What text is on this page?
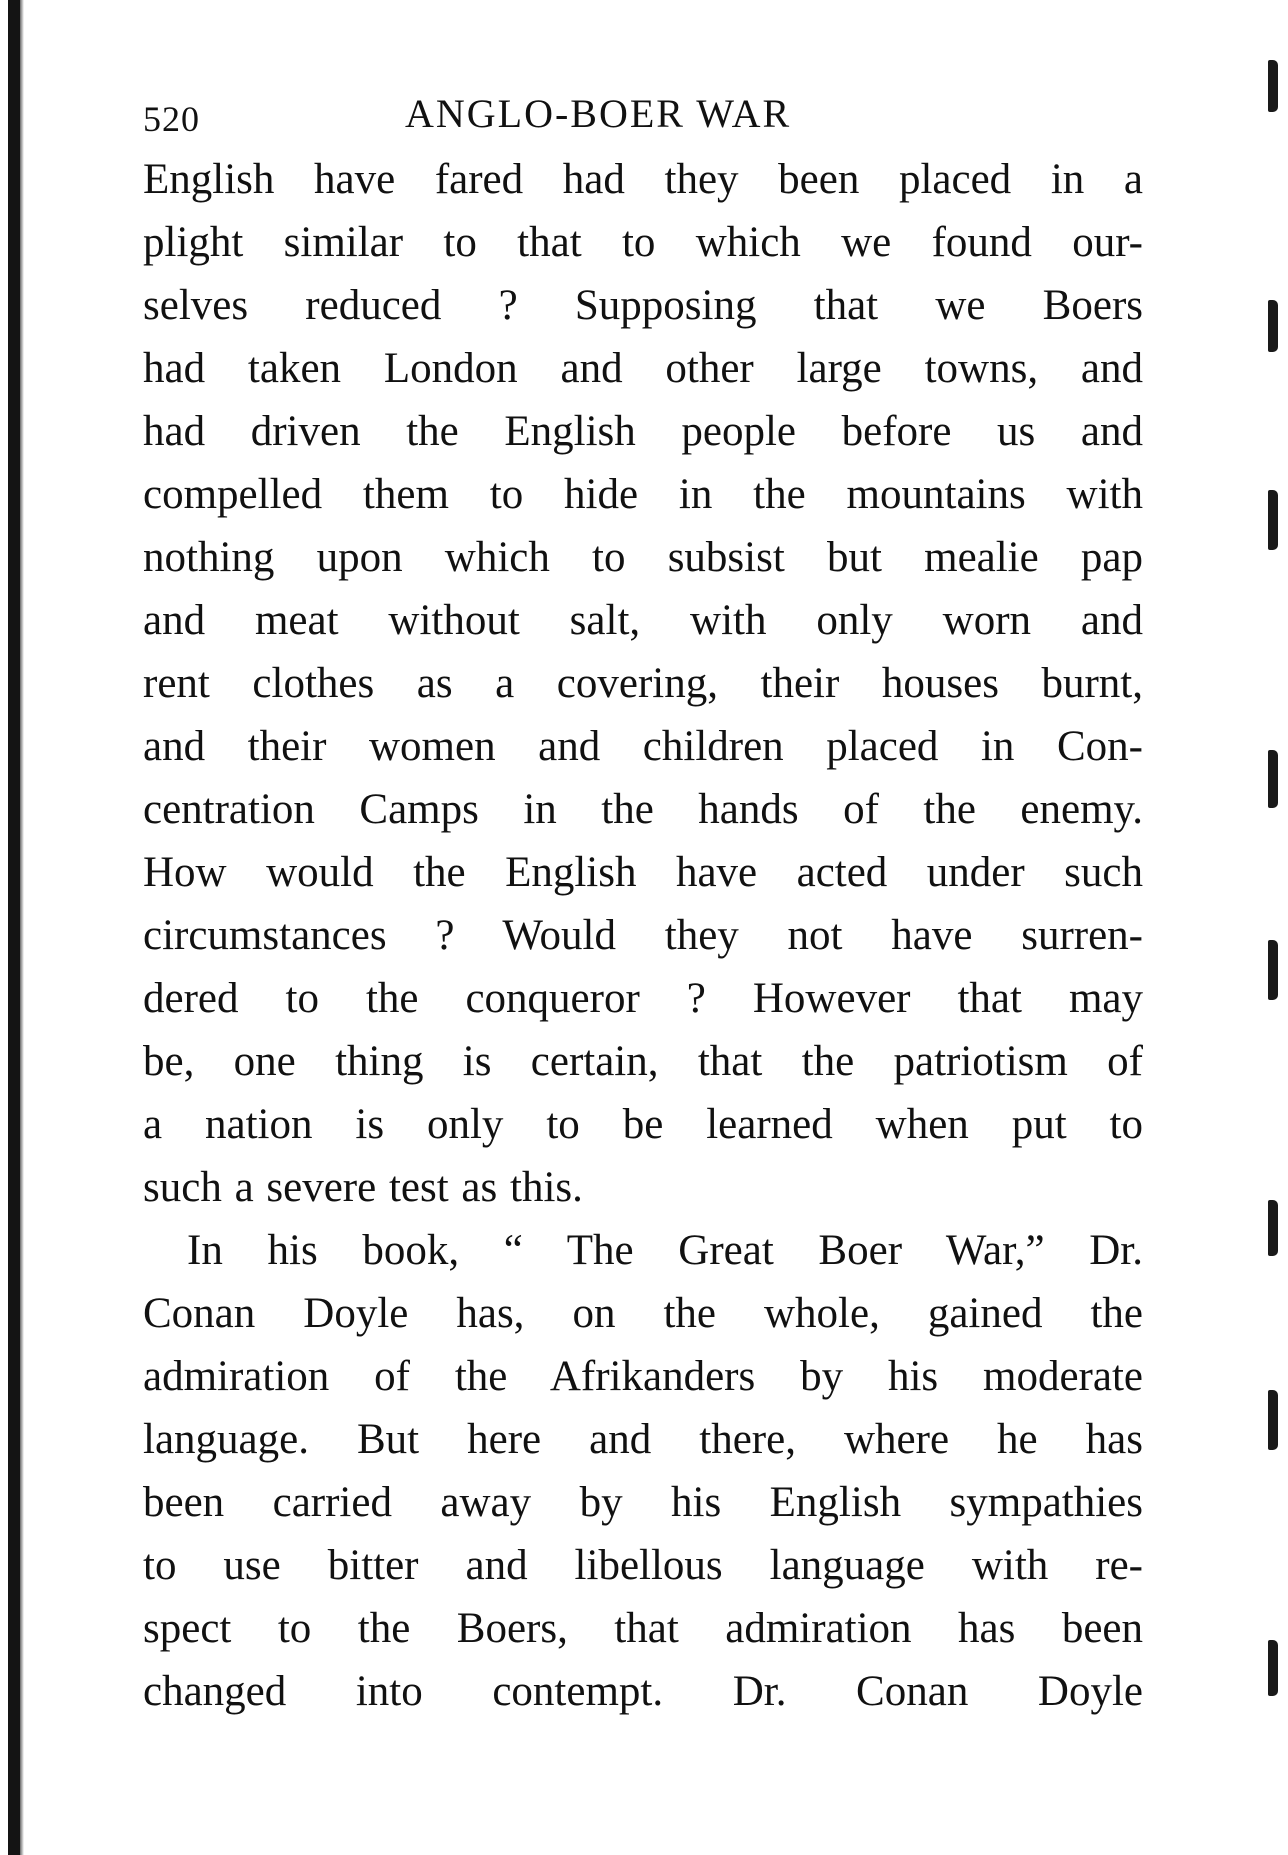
520	ANGLO-BOER WAR
English have fared had they been placed in a
plight similar to that to which we found our-
selves reduced ? Supposing that we Boers
had taken London and other large towns, and
had driven the English people before us and
compelled them to hide in the mountains with
nothing upon which to subsist but mealie pap
and meat without salt, with only worn and
rent clothes as a covering, their houses burnt,
and their women and children placed in Con-
centration Camps in the hands of the enemy.
How would the English have acted under such
circumstances ? Would they not have surren-
dered to the conqueror ? However that may
be, one thing is certain, that the patriotism of
a nation is only to be learned when put to
such a severe test as this.
In his book, “ The Great Boer War,” Dr.
Conan Doyle has, on the whole, gained the
admiration of the Afrikanders by his moderate
language. But here and there, where he has
been carried away by his English sympathies
to use bitter and libellous language with re-
spect to the Boers, that admiration has been
changed into contempt. Dr. Conan Doyle
